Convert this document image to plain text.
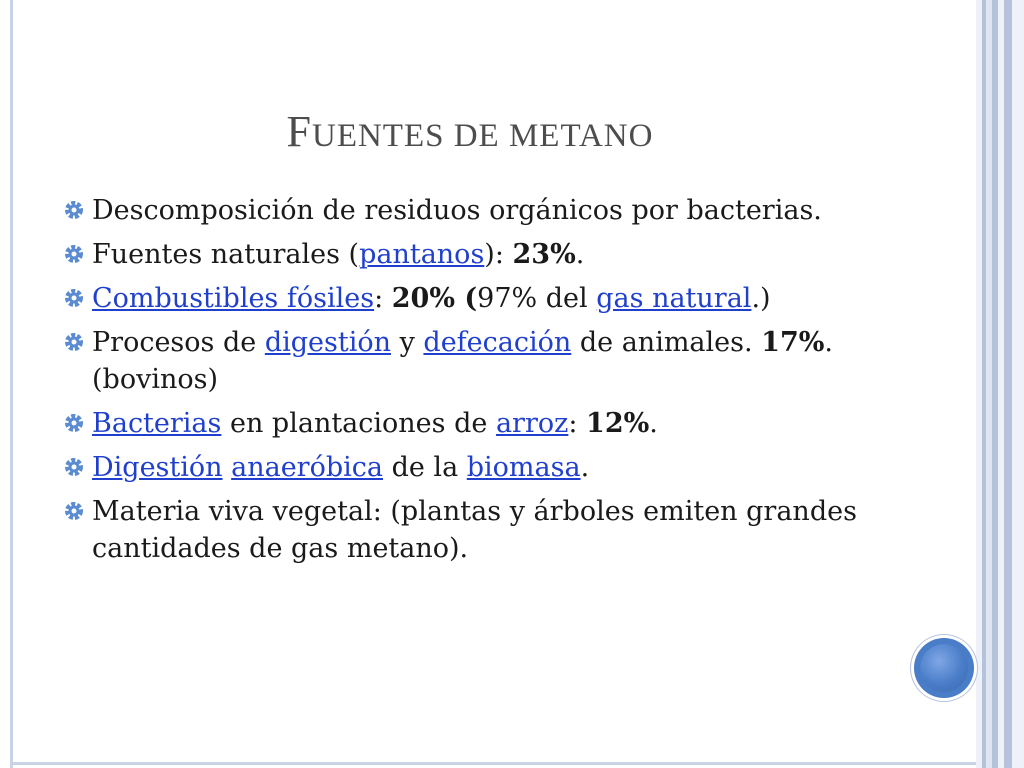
FUENTES DE METANO
Descomposición de residuos orgánicos por bacterias.
Fuentes naturales (pantanos): 23%.
Combustibles fósiles: 20% (97% del gas natural.)
Procesos de digestión y defecación de animales. 17%. (bovinos)
Bacterias en plantaciones de arroz: 12%.
Digestión anaeróbica de la biomasa.
Materia viva vegetal: (plantas y árboles emiten grandes cantidades de gas metano).
